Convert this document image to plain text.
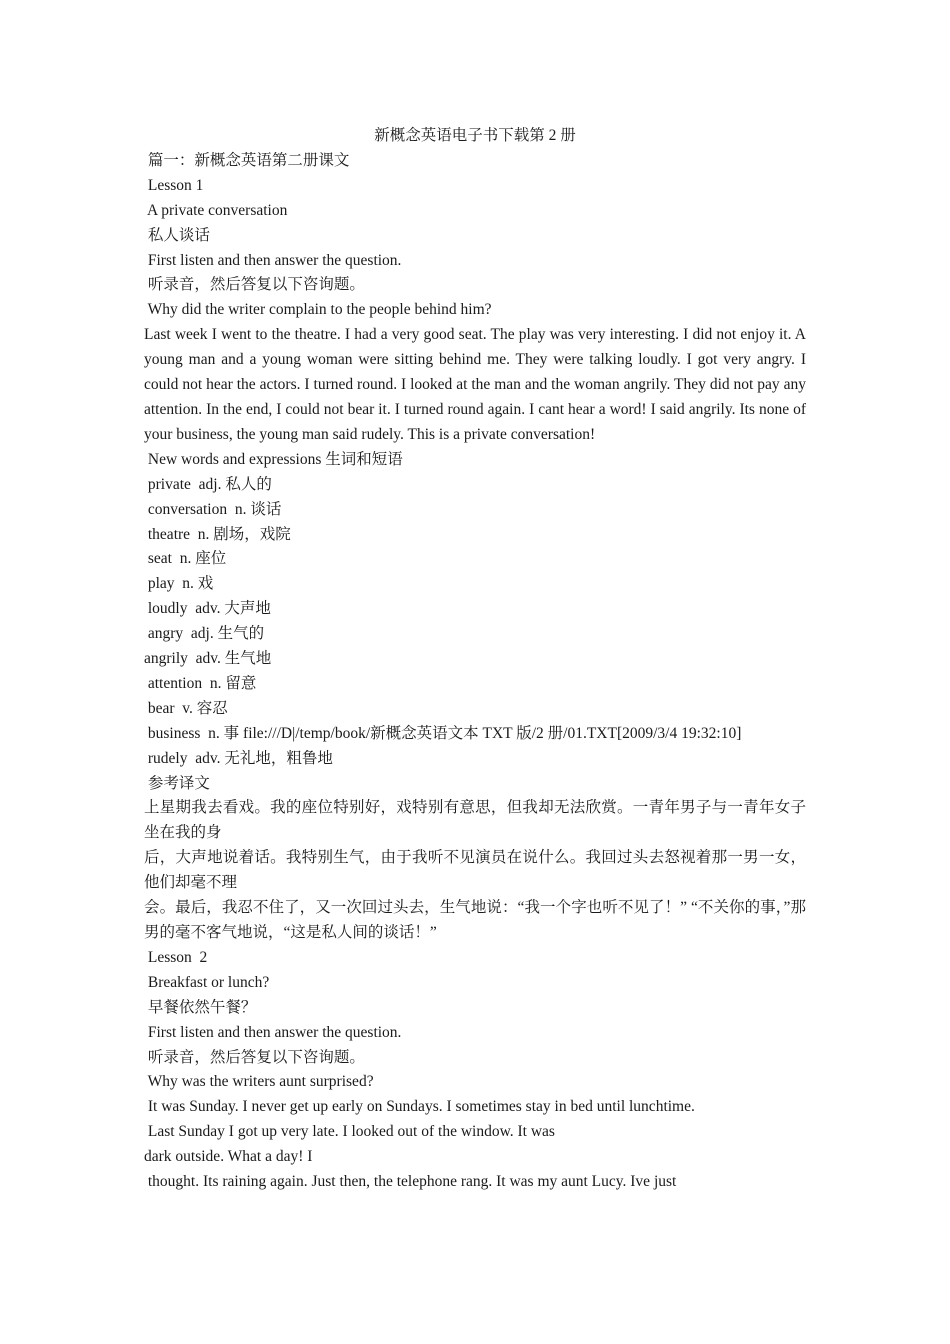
新概念英语电子书下载第 2 册
篇一：新概念英语第二册课文
Lesson 1
A private conversation
私人谈话
First listen and then answer the question.
听录音，然后答复以下咨询题。
Why did the writer complain to the people behind him?
Last week I went to the theatre. I had a very good seat. The play was very interesting. I did not enjoy it. A young man and a young woman were sitting behind me. They were talking loudly. I got very angry. I could not hear the actors. I turned round. I looked at the man and the woman angrily. They did not pay any attention. In the end, I could not bear it. I turned round again. I cant hear a word! I said angrily. Its none of your business, the young man said rudely. This is a private conversation!
New words and expressions 生词和短语
private  adj. 私人的
conversation  n. 谈话
theatre  n. 剧场，戏院
seat  n. 座位
play  n. 戏
loudly  adv. 大声地
angry  adj. 生气的
angrily  adv. 生气地
attention  n. 留意
bear  v. 容忍
business  n. 事 file:///D|/temp/book/新概念英语文本 TXT 版/2 册/01.TXT[2009/3/4 19:32:10]
rudely  adv. 无礼地，粗鲁地
参考译文
上星期我去看戏。我的座位特别好，戏特别有意思，但我却无法欣赏。一青年男子与一青年女子坐在我的身
后，大声地说着话。我特别生气，由于我听不见演员在说什么。我回过头去怒视着那一男一女，他们却毫不理
会。最后，我忍不住了，又一次回过头去，生气地说：“我一个字也听不见了！” “不关你的事，”那男的毫不客气地说，“这是私人间的谈话！”
Lesson  2
Breakfast or lunch?
早餐依然午餐？
First listen and then answer the question.
听录音，然后答复以下咨询题。
Why was the writers aunt surprised?
It was Sunday. I never get up early on Sundays. I sometimes stay in bed until lunchtime.
Last Sunday I got up very late. I looked out of the window. It was
dark outside. What a day! I
thought. Its raining again. Just then, the telephone rang. It was my aunt Lucy. Ive just
